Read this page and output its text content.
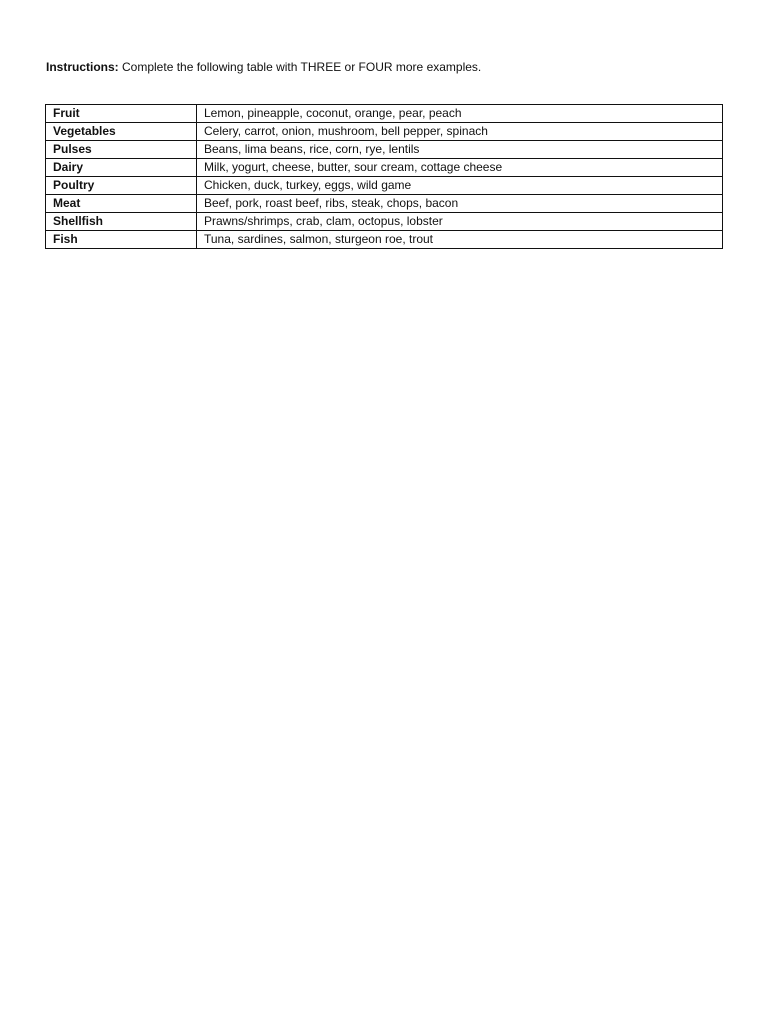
Instructions: Complete the following table with THREE or FOUR more examples.

Fruit	Lemon, pineapple, coconut, orange, pear, peach
Vegetables	Celery, carrot, onion, mushroom, bell pepper, spinach
Pulses	Beans, lima beans, rice, corn, rye, lentils
Dairy	Milk, yogurt, cheese, butter, sour cream, cottage cheese
Poultry	Chicken, duck, turkey, eggs, wild game
Meat	Beef, pork, roast beef, ribs, steak, chops, bacon
Shellfish	Prawns/shrimps, crab, clam, octopus, lobster
Fish	Tuna, sardines, salmon, sturgeon roe, trout
